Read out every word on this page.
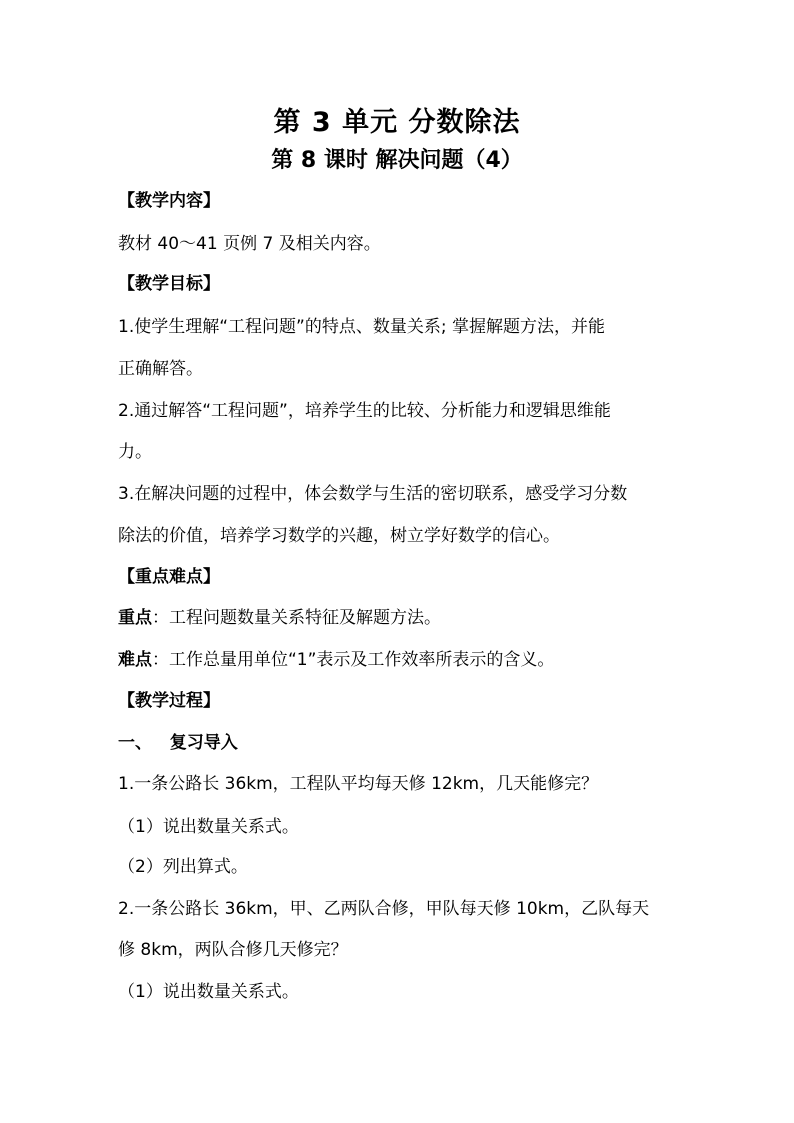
第 3 单元 分数除法
第 8 课时 解决问题（4）
【教学内容】
教材 40～41 页例 7 及相关内容。
【教学目标】
1.使学生理解“工程问题”的特点、数量关系; 掌握解题方法，并能
正确解答。
2.通过解答“工程问题”，培养学生的比较、分析能力和逻辑思维能
力。
3.在解决问题的过程中，体会数学与生活的密切联系，感受学习分数
除法的价值，培养学习数学的兴趣，树立学好数学的信心。
【重点难点】
重点：工程问题数量关系特征及解题方法。
难点：工作总量用单位“1”表示及工作效率所表示的含义。
【教学过程】
一、   复习导入
1.一条公路长 36km，工程队平均每天修 12km，几天能修完？
（1）说出数量关系式。
（2）列出算式。
2.一条公路长 36km，甲、乙两队合修，甲队每天修 10km，乙队每天
修 8km，两队合修几天修完？
（1）说出数量关系式。
